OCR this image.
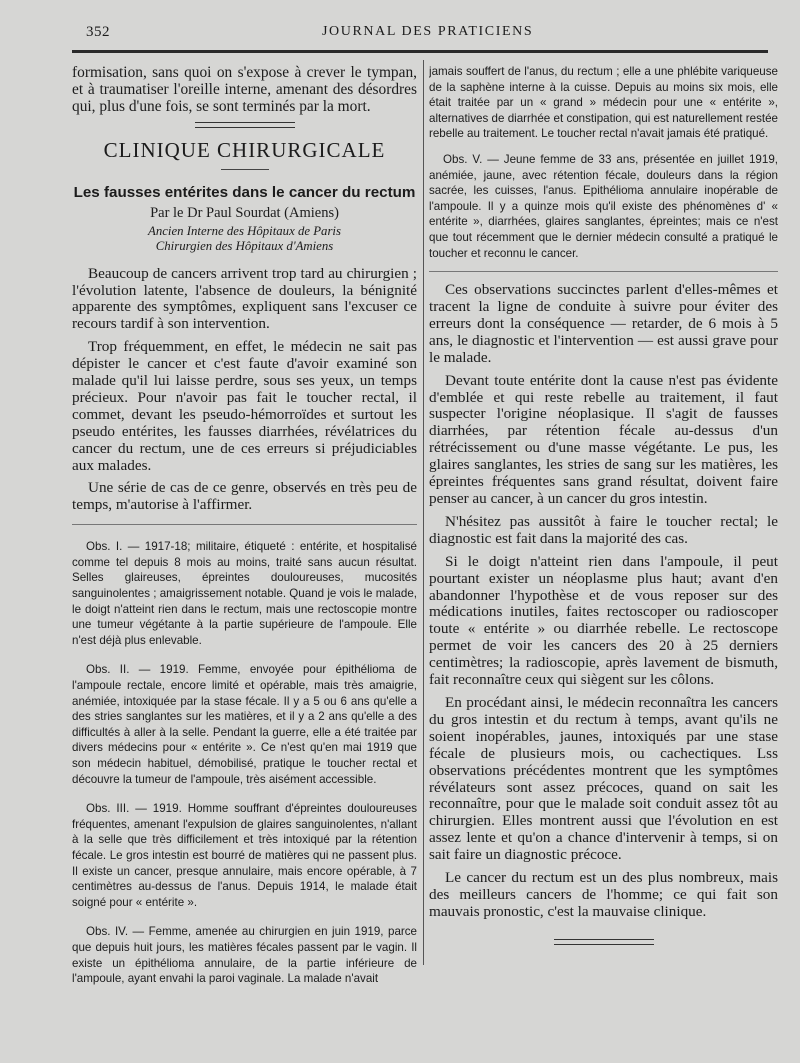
352	JOURNAL DES PRATICIENS

formisation, sans quoi on s'expose à crever le tympan, et à traumatiser l'oreille interne, amenant des désordres qui, plus d'une fois, se sont terminés par la mort.

CLINIQUE CHIRURGICALE
Les fausses entérites dans le cancer du rectum
Par le Dr Paul Sourdat (Amiens)

Ancien Interne des Hôpitaux de Paris

Chirurgien des Hôpitaux d'Amiens

Beaucoup de cancers arrivent trop tard au chirurgien ; l'évolution latente, l'absence de douleurs, la bénignité apparente des symptômes, expliquent sans l'excuser ce recours tardif à son intervention.

Trop fréquemment, en effet, le médecin ne sait pas dépister le cancer et c'est faute d'avoir examiné son malade qu'il lui laisse perdre, sous ses yeux, un temps précieux. Pour n'avoir pas fait le toucher rectal, il commet, devant les pseudo-hémorroïdes et surtout les pseudo entérites, les fausses diarrhées, révélatrices du cancer du rectum, une de ces erreurs si préjudiciables aux malades.

Une série de cas de ce genre, observés en très peu de temps, m'autorise à l'affirmer.

Obs. I. — 1917-18; militaire, étiqueté : entérite, et hospitalisé comme tel depuis 8 mois au moins, traité sans aucun résultat. Selles glaireuses, épreintes douloureuses, mucosités sanguinolentes ; amaigrissement notable. Quand je vois le malade, le doigt n'atteint rien dans le rectum, mais une rectoscopie montre une tumeur végétante à la partie supérieure de l'ampoule. Elle n'est déjà plus enlevable.

Obs. II. — 1919. Femme, envoyée pour épithélioma de l'ampoule rectale, encore limité et opérable, mais très amaigrie, anémiée, intoxiquée par la stase fécale. Il y a 5 ou 6 ans qu'elle a des stries sanglantes sur les matières, et il y a 2 ans qu'elle a des difficultés à aller à la selle. Pendant la guerre, elle a été traitée par divers médecins pour « entérite ». Ce n'est qu'en mai 1919 que son médecin habituel, démobilisé, pratique le toucher rectal et découvre la tumeur de l'ampoule, très aisément accessible.

Obs. III. — 1919. Homme souffrant d'épreintes douloureuses fréquentes, amenant l'expulsion de glaires sanguinolentes, n'allant à la selle que très difficilement et très intoxiqué par la rétention fécale. Le gros intestin est bourré de matières qui ne passent plus. Il existe un cancer, presque annulaire, mais encore opérable, à 7 centimètres au-dessus de l'anus. Depuis 1914, le malade était soigné pour « entérite ».

Obs. IV. — Femme, amenée au chirurgien en juin 1919, parce que depuis huit jours, les matières fécales passent par le vagin. Il existe un épithélioma annulaire, de la partie inférieure de l'ampoule, ayant envahi la paroi vaginale. La malade n'avait

jamais souffert de l'anus, du rectum ; elle a une phlébite variqueuse de la saphène interne à la cuisse. Depuis au moins six mois, elle était traitée par un « grand » médecin pour une « entérite », alternatives de diarrhée et constipation, qui est naturellement restée rebelle au traitement. Le toucher rectal n'avait jamais été pratiqué.

Obs. V. — Jeune femme de 33 ans, présentée en juillet 1919, anémiée, jaune, avec rétention fécale, douleurs dans la région sacrée, les cuisses, l'anus. Epithélioma annulaire inopérable de l'ampoule. Il y a quinze mois qu'il existe des phénomènes d' « entérite », diarrhées, glaires sanglantes, épreintes; mais ce n'est que tout récemment que le dernier médecin consulté a pratiqué le toucher et reconnu le cancer.

Ces observations succinctes parlent d'elles-mêmes et tracent la ligne de conduite à suivre pour éviter des erreurs dont la conséquence — retarder, de 6 mois à 5 ans, le diagnostic et l'intervention — est aussi grave pour le malade.

Devant toute entérite dont la cause n'est pas évidente d'emblée et qui reste rebelle au traitement, il faut suspecter l'origine néoplasique. Il s'agit de fausses diarrhées, par rétention fécale au-dessus d'un rétrécissement ou d'une masse végétante. Le pus, les glaires sanglantes, les stries de sang sur les matières, les épreintes fréquentes sans grand résultat, doivent faire penser au cancer, à un cancer du gros intestin.

N'hésitez pas aussitôt à faire le toucher rectal; le diagnostic est fait dans la majorité des cas.

Si le doigt n'atteint rien dans l'ampoule, il peut pourtant exister un néoplasme plus haut; avant d'en abandonner l'hypothèse et de vous reposer sur des médications inutiles, faites rectoscoper ou radioscoper toute « entérite » ou diarrhée rebelle. Le rectoscope permet de voir les cancers des 20 à 25 derniers centimètres; la radioscopie, après lavement de bismuth, fait reconnaître ceux qui siègent sur les côlons.

En procédant ainsi, le médecin reconnaîtra les cancers du gros intestin et du rectum à temps, avant qu'ils ne soient inopérables, jaunes, intoxiqués par une stase fécale de plusieurs mois, ou cachectiques. Lss observations précédentes montrent que les symptômes révélateurs sont assez précoces, quand on sait les reconnaître, pour que le malade soit conduit assez tôt au chirurgien. Elles montrent aussi que l'évolution en est assez lente et qu'on a chance d'intervenir à temps, si on sait faire un diagnostic précoce.

Le cancer du rectum est un des plus nombreux, mais des meilleurs cancers de l'homme; ce qui fait son mauvais pronostic, c'est la mauvaise clinique.
